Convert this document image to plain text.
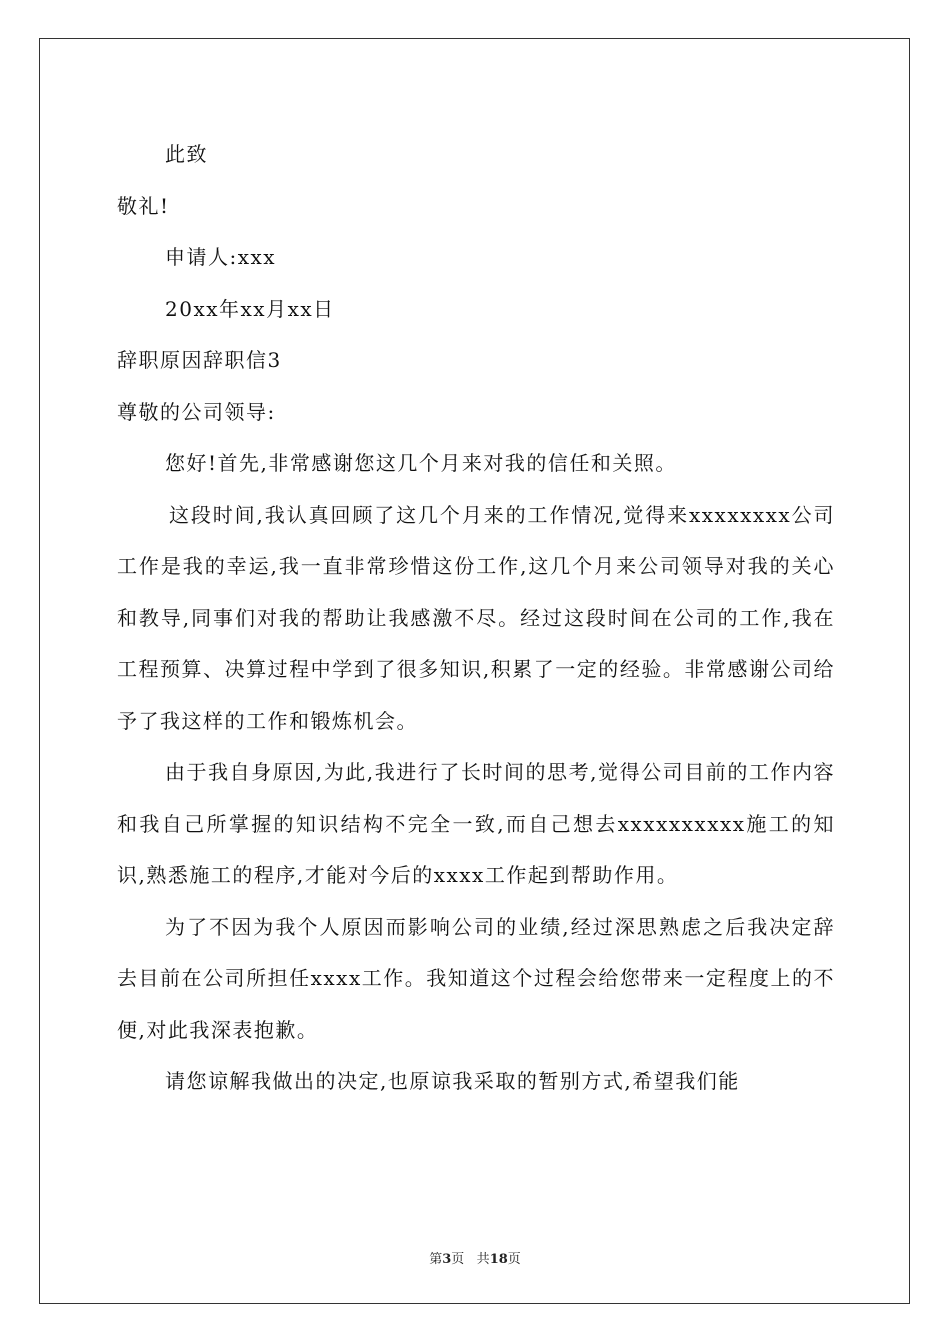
此致
敬礼!
申请人:xxx
20xx年xx月xx日
辞职原因辞职信3
尊敬的公司领导:
您好!首先,非常感谢您这几个月来对我的信任和关照。

这段时间,我认真回顾了这几个月来的工作情况,觉得来xxxxxxxx公司工作是我的幸运,我一直非常珍惜这份工作,这几个月来公司领导对我的关心和教导,同事们对我的帮助让我感激不尽。经过这段时间在公司的工作,我在工程预算、决算过程中学到了很多知识,积累了一定的经验。非常感谢公司给予了我这样的工作和锻炼机会。

由于我自身原因,为此,我进行了长时间的思考,觉得公司目前的工作内容和我自己所掌握的知识结构不完全一致,而自己想去xxxxxxxxxx施工的知识,熟悉施工的程序,才能对今后的xxxx工作起到帮助作用。

为了不因为我个人原因而影响公司的业绩,经过深思熟虑之后我决定辞去目前在公司所担任xxxx工作。我知道这个过程会给您带来一定程度上的不便,对此我深表抱歉。

请您谅解我做出的决定,也原谅我采取的暂别方式,希望我们能

第3页 共18页
